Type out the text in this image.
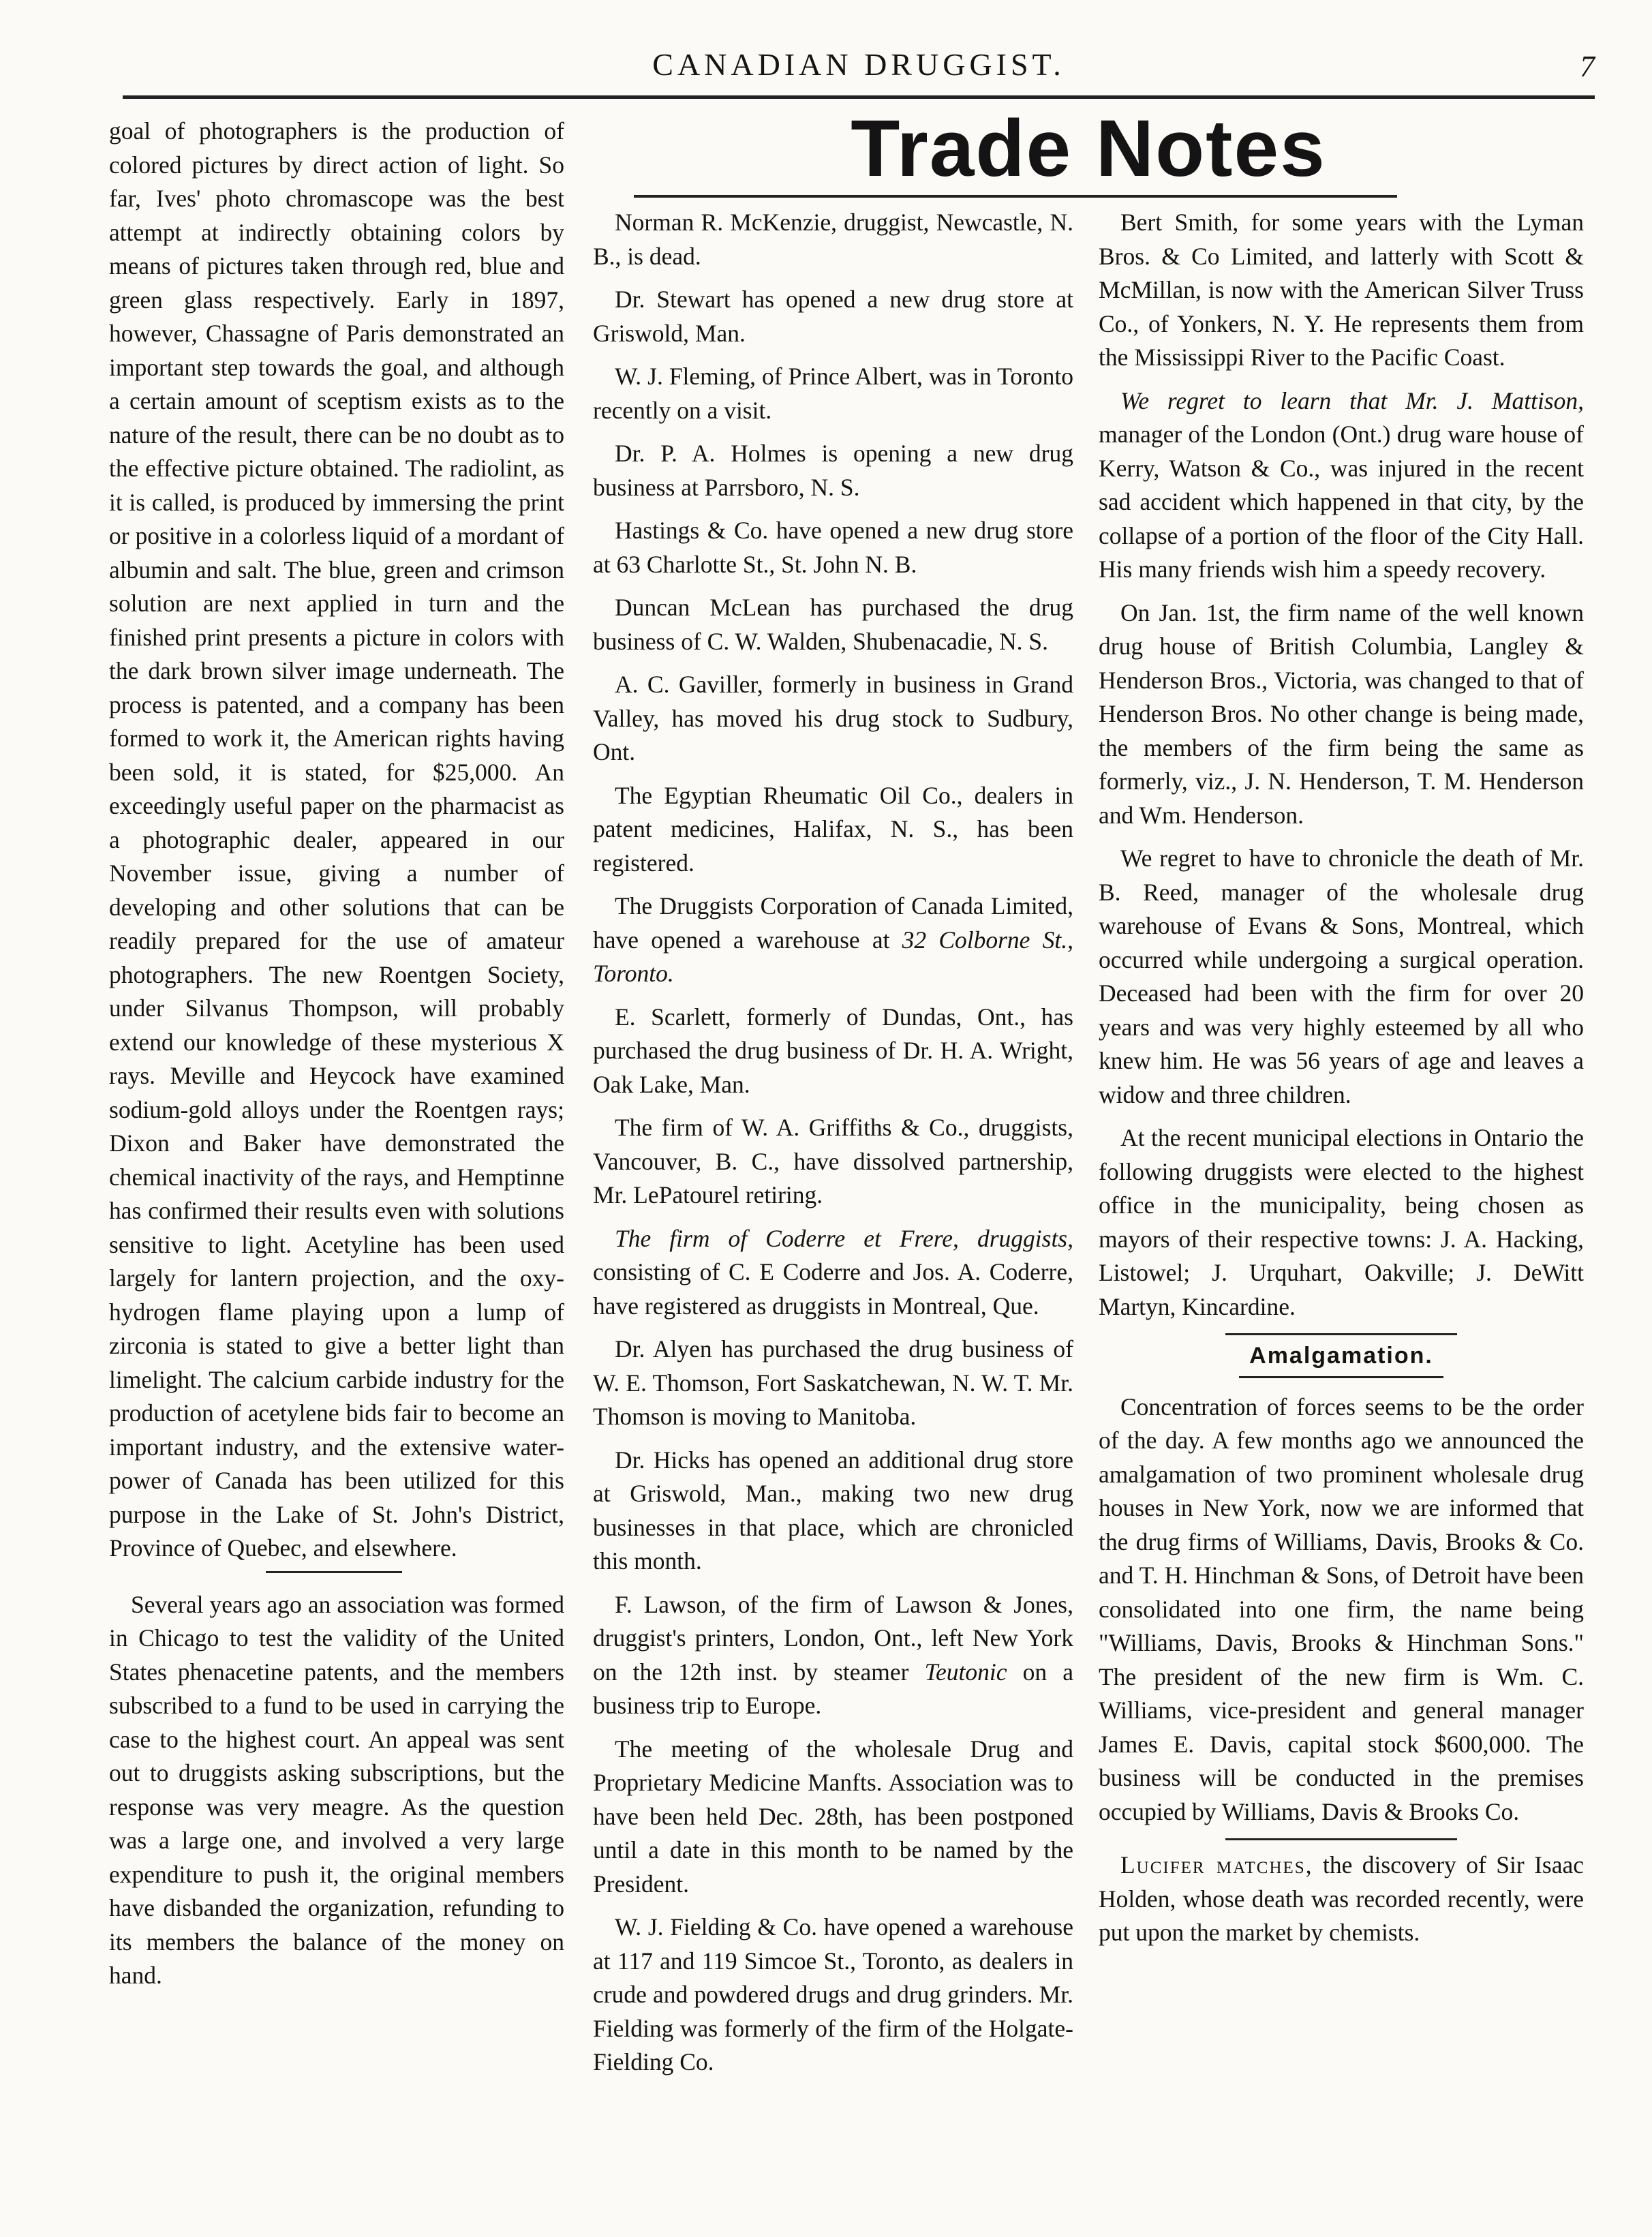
CANADIAN DRUGGIST.	7
Trade Notes

goal of photographers is the production of colored pictures by direct action of light. So far, Ives' photo chromascope was the best attempt at indirectly obtaining colors by means of pictures taken through red, blue and green glass respectively. Early in 1897, however, Chassagne of Paris demonstrated an important step towards the goal, and although a certain amount of sceptism exists as to the nature of the result, there can be no doubt as to the effective picture obtained. The radiolint, as it is called, is produced by immersing the print or positive in a colorless liquid of a mordant of albumin and salt. The blue, green and crimson solution are next applied in turn and the finished print presents a picture in colors with the dark brown silver image underneath. The process is patented, and a company has been formed to work it, the American rights having been sold, it is stated, for $25,000. An exceedingly useful paper on the pharmacist as a photographic dealer, appeared in our November issue, giving a number of developing and other solutions that can be readily prepared for the use of amateur photographers. The new Roentgen Society, under Silvanus Thompson, will probably extend our knowledge of these mysterious X rays. Meville and Heycock have examined sodium-gold alloys under the Roentgen rays; Dixon and Baker have demonstrated the chemical inactivity of the rays, and Hemptinne has confirmed their results even with solutions sensitive to light. Acetyline has been used largely for lantern projection, and the oxy-hydrogen flame playing upon a lump of zirconia is stated to give a better light than limelight. The calcium carbide industry for the production of acetylene bids fair to become an important industry, and the extensive water-power of Canada has been utilized for this purpose in the Lake of St. John's District, Province of Quebec, and elsewhere.

Several years ago an association was formed in Chicago to test the validity of the United States phenacetine patents, and the members subscribed to a fund to be used in carrying the case to the highest court. An appeal was sent out to druggists asking subscriptions, but the response was very meagre. As the question was a large one, and involved a very large expenditure to push it, the original members have disbanded the organization, refunding to its members the balance of the money on hand.

Norman R. McKenzie, druggist, Newcastle, N. B., is dead.

Dr. Stewart has opened a new drug store at Griswold, Man.

W. J. Fleming, of Prince Albert, was in Toronto recently on a visit.

Dr. P. A. Holmes is opening a new drug business at Parrsboro, N. S.

Hastings & Co. have opened a new drug store at 63 Charlotte St., St. John N. B.

Duncan McLean has purchased the drug business of C. W. Walden, Shubenacadie, N. S.

A. C. Gaviller, formerly in business in Grand Valley, has moved his drug stock to Sudbury, Ont.

The Egyptian Rheumatic Oil Co., dealers in patent medicines, Halifax, N. S., has been registered.

The Druggists Corporation of Canada Limited, have opened a warehouse at 32 Colborne St., Toronto.

E. Scarlett, formerly of Dundas, Ont., has purchased the drug business of Dr. H. A. Wright, Oak Lake, Man.

The firm of W. A. Griffiths & Co., druggists, Vancouver, B. C., have dissolved partnership, Mr. LePatourel retiring.

The firm of Coderre et Frere, druggists, consisting of C. E Coderre and Jos. A. Coderre, have registered as druggists in Montreal, Que.

Dr. Alyen has purchased the drug business of W. E. Thomson, Fort Saskatchewan, N. W. T. Mr. Thomson is moving to Manitoba.

Dr. Hicks has opened an additional drug store at Griswold, Man., making two new drug businesses in that place, which are chronicled this month.

F. Lawson, of the firm of Lawson & Jones, druggist's printers, London, Ont., left New York on the 12th inst. by steamer Teutonic on a business trip to Europe.

The meeting of the wholesale Drug and Proprietary Medicine Manfts. Association was to have been held Dec. 28th, has been postponed until a date in this month to be named by the President.

W. J. Fielding & Co. have opened a warehouse at 117 and 119 Simcoe St., Toronto, as dealers in crude and powdered drugs and drug grinders. Mr. Fielding was formerly of the firm of the Holgate-Fielding Co.

Bert Smith, for some years with the Lyman Bros. & Co Limited, and latterly with Scott & McMillan, is now with the American Silver Truss Co., of Yonkers, N. Y. He represents them from the Mississippi River to the Pacific Coast.

We regret to learn that Mr. J. Mattison, manager of the London (Ont.) drug ware house of Kerry, Watson & Co., was injured in the recent sad accident which happened in that city, by the collapse of a portion of the floor of the City Hall. His many friends wish him a speedy recovery.

On Jan. 1st, the firm name of the well known drug house of British Columbia, Langley & Henderson Bros., Victoria, was changed to that of Henderson Bros. No other change is being made, the members of the firm being the same as formerly, viz., J. N. Henderson, T. M. Henderson and Wm. Henderson.

We regret to have to chronicle the death of Mr. B. Reed, manager of the wholesale drug warehouse of Evans & Sons, Montreal, which occurred while undergoing a surgical operation. Deceased had been with the firm for over 20 years and was very highly esteemed by all who knew him. He was 56 years of age and leaves a widow and three children.

At the recent municipal elections in Ontario the following druggists were elected to the highest office in the municipality, being chosen as mayors of their respective towns: J. A. Hacking, Listowel; J. Urquhart, Oakville; J. DeWitt Martyn, Kincardine.

Amalgamation.

Concentration of forces seems to be the order of the day. A few months ago we announced the amalgamation of two prominent wholesale drug houses in New York, now we are informed that the drug firms of Williams, Davis, Brooks & Co. and T. H. Hinchman & Sons, of Detroit have been consolidated into one firm, the name being "Williams, Davis, Brooks & Hinchman Sons." The president of the new firm is Wm. C. Williams, vice-president and general manager James E. Davis, capital stock $600,000. The business will be conducted in the premises occupied by Williams, Davis & Brooks Co.

Lucifer matches, the discovery of Sir Isaac Holden, whose death was recorded recently, were put upon the market by chemists.
